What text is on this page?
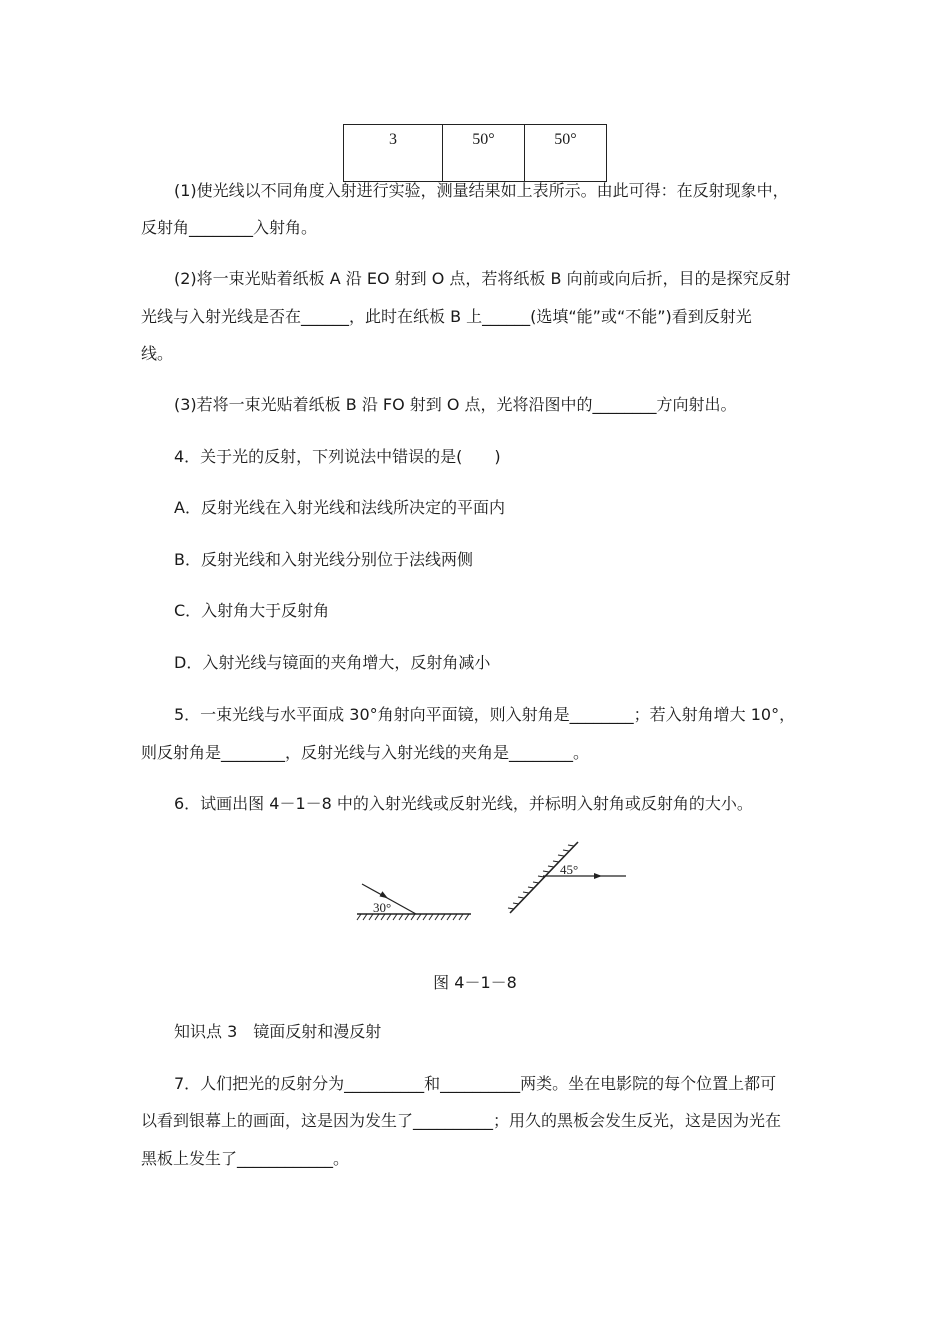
3	50°	50°
(1)使光线以不同角度入射进行实验，测量结果如上表所示。由此可得：在反射现象中，
反射角________入射角。
(2)将一束光贴着纸板 A 沿 EO 射到 O 点，若将纸板 B 向前或向后折，目的是探究反射
光线与入射光线是否在______，此时在纸板 B 上______(选填“能”或“不能”)看到反射光
线。
(3)若将一束光贴着纸板 B 沿 FO 射到 O 点，光将沿图中的________方向射出。
4．关于光的反射，下列说法中错误的是(　　)
A．反射光线在入射光线和法线所决定的平面内
B．反射光线和入射光线分别位于法线两侧
C．入射角大于反射角
D．入射光线与镜面的夹角增大，反射角减小
5．一束光线与水平面成 30°角射向平面镜，则入射角是________；若入射角增大 10°，
则反射角是________，反射光线与入射光线的夹角是________。
6．试画出图 4－1－8 中的入射光线或反射光线，并标明入射角或反射角的大小。
30°
45°
图 4－1－8
知识点 3　镜面反射和漫反射
7．人们把光的反射分为__________和__________两类。坐在电影院的每个位置上都可
以看到银幕上的画面，这是因为发生了__________；用久的黑板会发生反光，这是因为光在
黑板上发生了____________。
